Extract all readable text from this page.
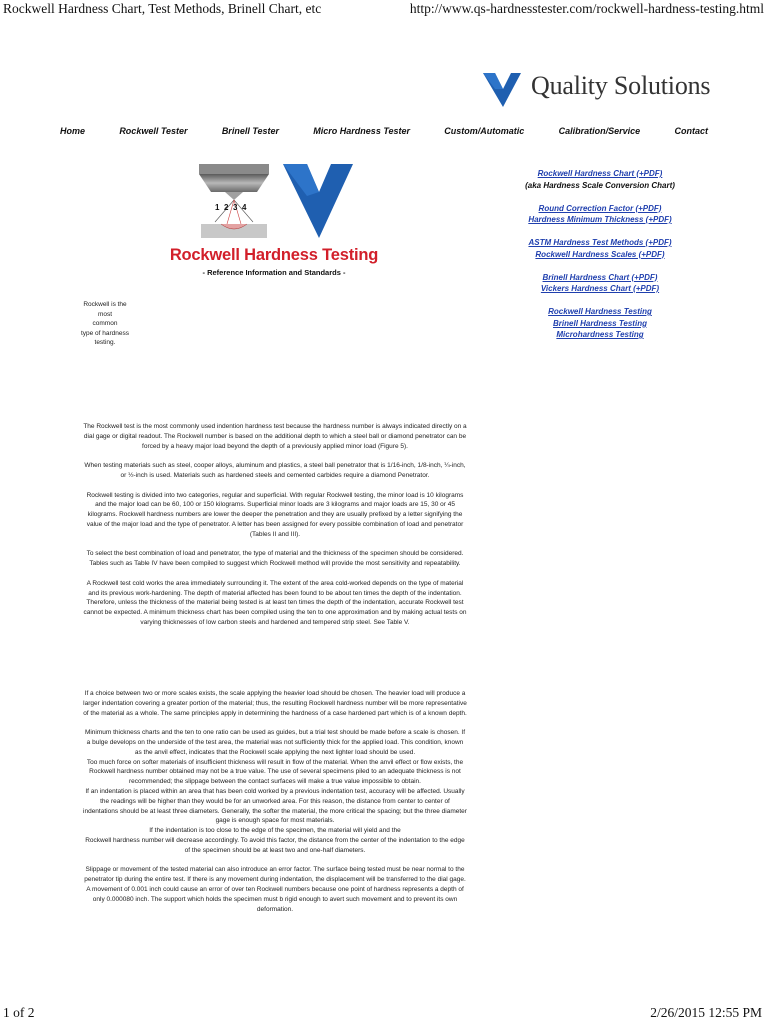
Rockwell Hardness Chart, Test Methods, Brinell Chart, etc	http://www.qs-hardnesstester.com/rockwell-hardness-testing.html
Quality Solutions
Home	Rockwell Tester	Brinell Tester	Micro Hardness Tester	Custom/Automatic	Calibration/Service	Contact
1 2 3 4
Rockwell Hardness Testing
- Reference Information and Standards -
Rockwell Hardness Chart (+PDF)
(aka Hardness Scale Conversion Chart)
Round Correction Factor (+PDF)
Hardness Minimum Thickness (+PDF)
ASTM Hardness Test Methods (+PDF)
Rockwell Hardness Scales (+PDF)
Brinell Hardness Chart (+PDF)
Vickers Hardness Chart (+PDF)
Rockwell Hardness Testing
Brinell Hardness Testing
Microhardness Testing
Rockwell is the most
common
type of hardness
testing.

The Rockwell test is the most commonly used indention hardness test because the hardness number is always indicated directly on a dial gage or digital readout. The Rockwell number is based on the additional depth to which a steel ball or diamond penetrator can be forced by a heavy major load beyond the depth of a previously applied minor load (Figure 5).

When testing materials such as steel, cooper alloys, aluminum and plastics, a steel ball penetrator that is 1/16-inch, 1/8-inch, ¼-inch, or ½-inch is used. Materials such as hardened steels and cemented carbides require a diamond Penetrator.

Rockwell testing is divided into two categories, regular and superficial. With regular Rockwell testing, the minor load is 10 kilograms and the major load can be 60, 100 or 150 kilograms. Superficial minor loads are 3 kilograms and major loads are 15, 30 or 45 kilograms. Rockwell hardness numbers are lower the deeper the penetration and they are usually prefixed by a letter signifying the value of the major load and the type of penetrator. A letter has been assigned for every possible combination of load and penetrator (Tables II and III).

To select the best combination of load and penetrator, the type of material and the thickness of the specimen should be considered. Tables such as Table IV have been compiled to suggest which Rockwell method will provide the most sensitivity and repeatability.

A Rockwell test cold works the area immediately surrounding it. The extent of the area cold-worked depends on the type of material and its previous work-hardening. The depth of material affected has been found to be about ten times the depth of the indentation. Therefore, unless the thickness of the material being tested is at least ten times the depth of the indentation, accurate Rockwell test cannot be expected. A minimum thickness chart has been compiled using the ten to one approximation and by making actual tests on varying thicknesses of low carbon steels and hardened and tempered strip steel. See Table V.

If a choice between two or more scales exists, the scale applying the heavier load should be chosen. The heavier load will produce a larger indentation covering a greater portion of the material; thus, the resulting Rockwell hardness number will be more representative of the material as a whole. The same principles apply in determining the hardness of a case hardened part which is of a known depth.

Minimum thickness charts and the ten to one ratio can be used as guides, but a trial test should be made before a scale is chosen. If a bulge develops on the underside of the test area, the material was not sufficiently thick for the applied load. This condition, known as the anvil effect, indicates that the Rockwell scale applying the next lighter load should be used.

Too much force on softer materials of insufficient thickness will result in flow of the material. When the anvil effect or flow exists, the Rockwell hardness number obtained may not be a true value. The use of several specimens piled to an adequate thickness is not recommended; the slippage between the contact surfaces will make a true value impossible to obtain.

If an indentation is placed within an area that has been cold worked by a previous indentation test, accuracy will be affected. Usually the readings will be higher than they would be for an unworked area. For this reason, the distance from center to center of indentations should be at least three diameters. Generally, the softer the material, the more critical the spacing; but the three diameter gage is enough space for most materials.

If the indentation is too close to the edge of the specimen, the material will yield and the

Rockwell hardness number will decrease accordingly. To avoid this factor, the distance from the center of the indentation to the edge of the specimen should be at least two and one-half diameters.

Slippage or movement of the tested material can also introduce an error factor. The surface being tested must be near normal to the penetrator tip during the entire test. If there is any movement during indentation, the displacement will be transferred to the dial gage. A movement of 0.001 inch could cause an error of over ten Rockwell numbers because one point of hardness represents a depth of only 0.000080 inch. The support which holds the specimen must b rigid enough to avert such movement and to prevent its own deformation.

1 of 2	2/26/2015 12:55 PM
